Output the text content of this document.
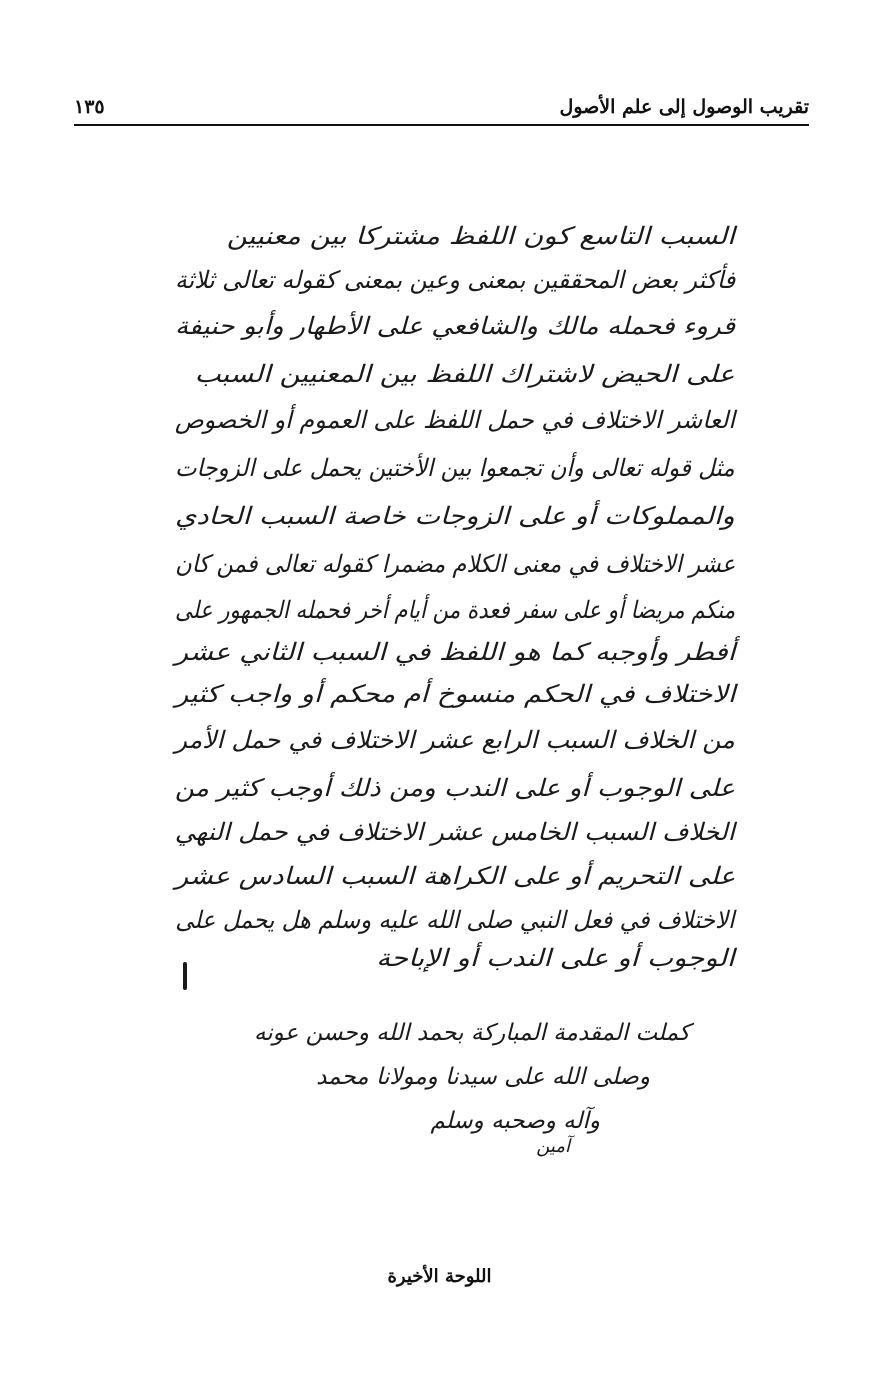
تقريب الوصول إلى علم الأصول
١٣٥
السبب التاسع كون اللفظ مشتركا بين معنيين
فأكثر بعض المحققين بمعنى وعين بمعنى كقوله تعالى ثلاثة
قروء فحمله مالك والشافعي على الأطهار وأبو حنيفة
على الحيض لاشتراك اللفظ بين المعنيين السبب
العاشر الاختلاف في حمل اللفظ على العموم أو الخصوص
مثل قوله تعالى وأن تجمعوا بين الأختين يحمل على الزوجات
والمملوكات أو على الزوجات خاصة السبب الحادي
عشر الاختلاف في معنى الكلام مضمرا كقوله تعالى فمن كان
منكم مريضا أو على سفر فعدة من أيام أخر فحمله الجمهور على
أفطر وأوجبه كما هو اللفظ في السبب الثاني عشر
الاختلاف في الحكم منسوخ أم محكم أو واجب كثير
من الخلاف السبب الرابع عشر الاختلاف في حمل الأمر
على الوجوب أو على الندب ومن ذلك أوجب كثير من
الخلاف السبب الخامس عشر الاختلاف في حمل النهي
على التحريم أو على الكراهة السبب السادس عشر
الاختلاف في فعل النبي صلى الله عليه وسلم هل يحمل على
الوجوب أو على الندب أو الإباحة
كملت المقدمة المباركة بحمد الله وحسن عونه
وصلى الله على سيدنا ومولانا محمد
وآله وصحبه وسلم
آمين
اللوحة الأخيرة
